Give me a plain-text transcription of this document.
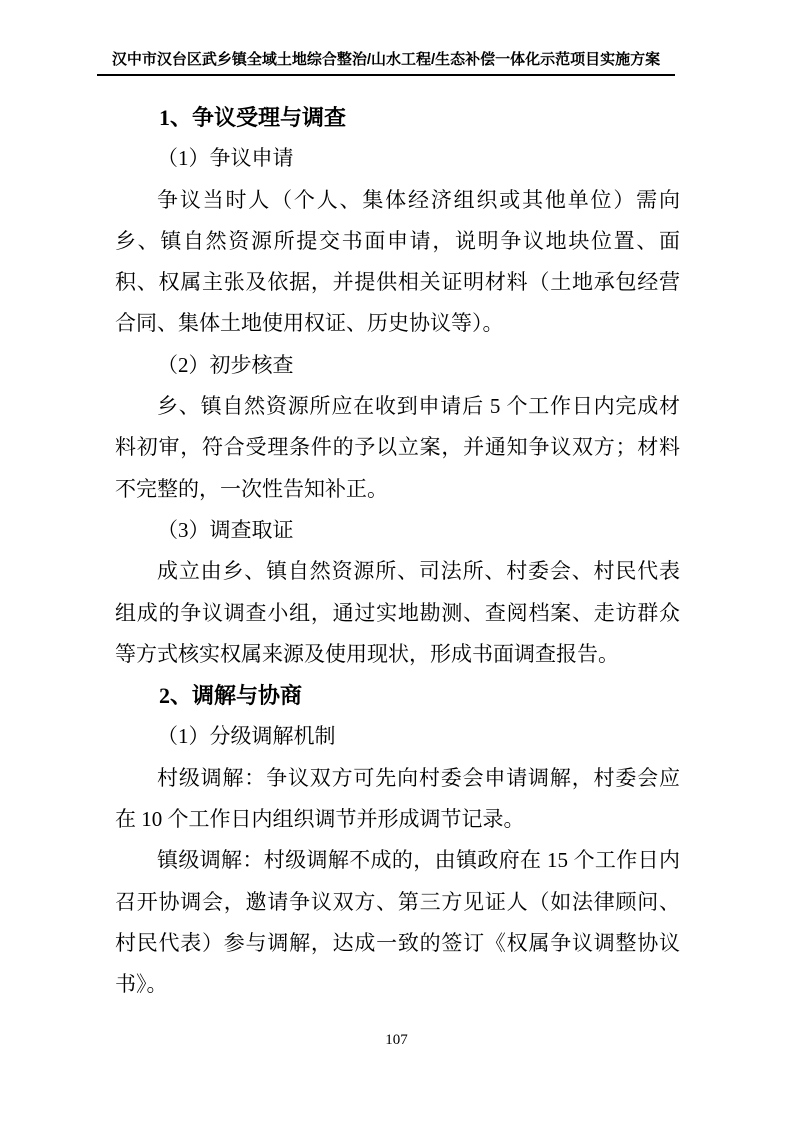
汉中市汉台区武乡镇全域土地综合整治/山水工程/生态补偿一体化示范项目实施方案

1、争议受理与调查

（1）争议申请

争议当时人（个人、集体经济组织或其他单位）需向乡、镇自然资源所提交书面申请，说明争议地块位置、面积、权属主张及依据，并提供相关证明材料（土地承包经营合同、集体土地使用权证、历史协议等）。

（2）初步核查

乡、镇自然资源所应在收到申请后 5 个工作日内完成材料初审，符合受理条件的予以立案，并通知争议双方；材料不完整的，一次性告知补正。

（3）调查取证

成立由乡、镇自然资源所、司法所、村委会、村民代表组成的争议调查小组，通过实地勘测、查阅档案、走访群众等方式核实权属来源及使用现状，形成书面调查报告。

2、调解与协商

（1）分级调解机制

村级调解：争议双方可先向村委会申请调解，村委会应在 10 个工作日内组织调节并形成调节记录。

镇级调解：村级调解不成的，由镇政府在 15 个工作日内召开协调会，邀请争议双方、第三方见证人（如法律顾问、村民代表）参与调解，达成一致的签订《权属争议调整协议书》。

107
